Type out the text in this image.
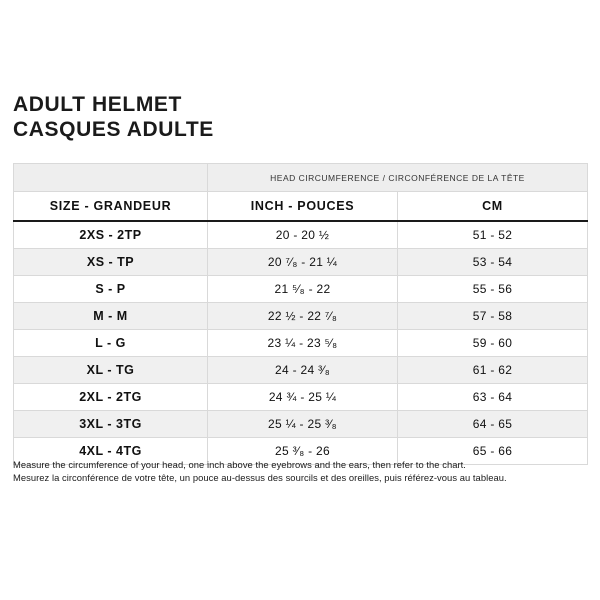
ADULT HELMET
CASQUES ADULTE
	HEAD CIRCUMFERENCE / CIRCONFÉRENCE DE LA TÊTE	
SIZE - GRANDEUR	INCH - POUCES	CM
2XS - 2TP	20 - 20 ½	51 - 52
XS - TP	20 ⁷⁄₈ - 21 ¼	53 - 54
S - P	21 ⁵⁄₈ - 22	55 - 56
M - M	22 ½ - 22 ⁷⁄₈	57 - 58
L - G	23 ¼ - 23 ⁵⁄₈	59 - 60
XL - TG	24 - 24 ³⁄₈	61 - 62
2XL - 2TG	24 ¾ - 25 ¼	63 - 64
3XL - 3TG	25 ¼ - 25 ³⁄₈	64 - 65
4XL - 4TG	25 ³⁄₈ - 26	65 - 66
Measure the circumference of your head, one inch above the eyebrows and the ears, then refer to the chart.
Mesurez la circonférence de votre tête, un pouce au-dessus des sourcils et des oreilles, puis référez-vous au tableau.
